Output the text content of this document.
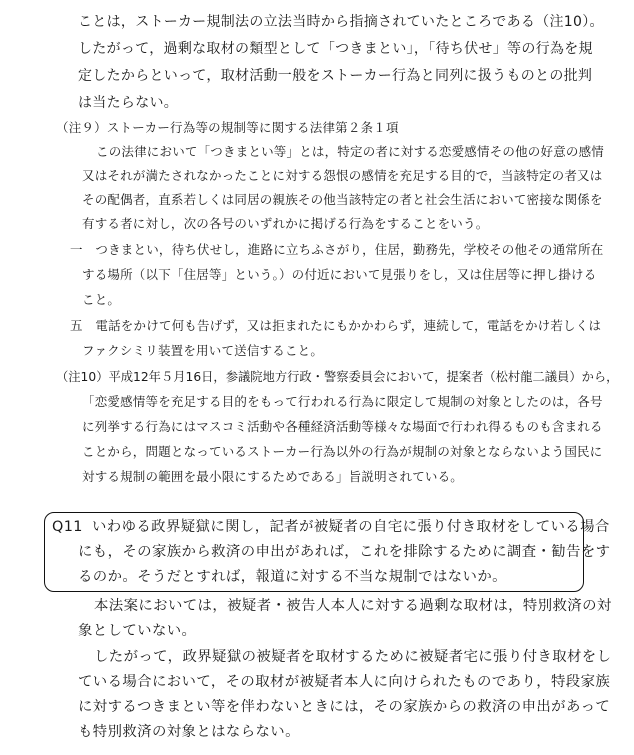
ことは，ストーカー規制法の立法当時から指摘されていたところである（注10）。
したがって，過剰な取材の類型として「つきまとい」，「待ち伏せ」等の行為を規
定したからといって，取材活動一般をストーカー行為と同列に扱うものとの批判
は当たらない。
（注９）ストーカー行為等の規制等に関する法律第２条１項
この法律において「つきまとい等」とは，特定の者に対する恋愛感情その他の好意の感情
又はそれが満たされなかったことに対する怨恨の感情を充足する目的で，当該特定の者又は
その配偶者，直系若しくは同居の親族その他当該特定の者と社会生活において密接な関係を
有する者に対し，次の各号のいずれかに掲げる行為をすることをいう。
一　つきまとい，待ち伏せし，進路に立ちふさがり，住居，勤務先，学校その他その通常所在
する場所（以下「住居等」という。）の付近において見張りをし，又は住居等に押し掛ける
こと。
五　電話をかけて何も告げず，又は拒まれたにもかかわらず，連続して，電話をかけ若しくは
ファクシミリ装置を用いて送信すること。
（注10）平成12年５月16日，参議院地方行政・警察委員会において，提案者（松村龍二議員）から，
「恋愛感情等を充足する目的をもって行われる行為に限定して規制の対象としたのは，各号
に列挙する行為にはマスコミ活動や各種経済活動等様々な場面で行われ得るものも含まれる
ことから，問題となっているストーカー行為以外の行為が規制の対象とならないよう国民に
対する規制の範囲を最小限にするためである」旨説明されている。
Q11 いわゆる政界疑獄に関し，記者が被疑者の自宅に張り付き取材をしている場合
にも，その家族から救済の申出があれば，これを排除するために調査・勧告をす
るのか。そうだとすれば，報道に対する不当な規制ではないか。
本法案においては，被疑者・被告人本人に対する過剰な取材は，特別救済の対
象としていない。
したがって，政界疑獄の被疑者を取材するために被疑者宅に張り付き取材をし
ている場合において，その取材が被疑者本人に向けられたものであり，特段家族
に対するつきまとい等を伴わないときには，その家族からの救済の申出があって
も特別救済の対象とはならない。
